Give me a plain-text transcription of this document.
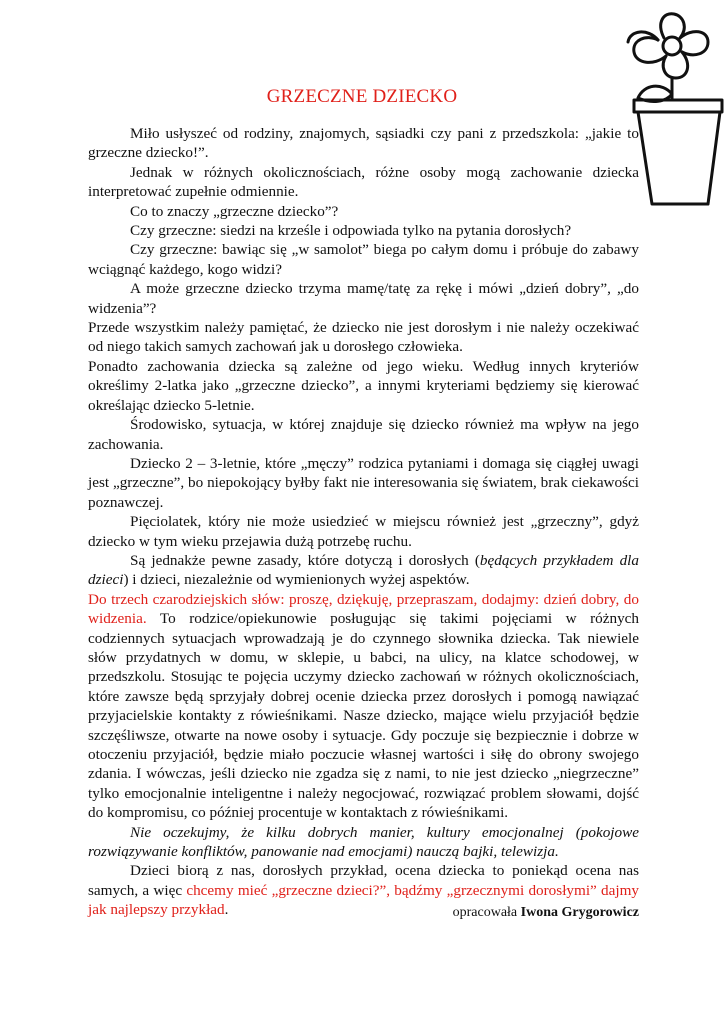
GRZECZNE DZIECKO

Miło usłyszeć od rodziny, znajomych, sąsiadki czy pani z przedszkola: „jakie to grzeczne dziecko!”.

Jednak w różnych okolicznościach, różne osoby mogą zachowanie dziecka interpretować zupełnie odmiennie.

Co to znaczy „grzeczne dziecko”?

Czy grzeczne: siedzi na krześle i odpowiada tylko na pytania dorosłych?

Czy grzeczne: bawiąc się „w samolot” biega po całym domu i próbuje do zabawy wciągnąć każdego, kogo widzi?

A może grzeczne dziecko trzyma mamę/tatę za rękę i mówi „dzień dobry”, „do widzenia”?

Przede wszystkim należy pamiętać, że dziecko nie jest dorosłym i nie należy oczekiwać od niego takich samych zachowań jak u dorosłego człowieka.

Ponadto zachowania dziecka są zależne od jego wieku. Według innych kryteriów określimy 2-latka jako „grzeczne dziecko”, a innymi kryteriami będziemy się kierować określając dziecko 5-letnie.

Środowisko, sytuacja, w której znajduje się dziecko również ma wpływ na jego zachowania.

Dziecko 2 – 3-letnie, które „męczy” rodzica pytaniami i domaga się ciągłej uwagi jest „grzeczne”, bo niepokojący byłby fakt nie interesowania się światem, brak ciekawości poznawczej.

Pięciolatek, który nie może usiedzieć w miejscu również jest „grzeczny”, gdyż dziecko w tym wieku przejawia dużą potrzebę ruchu.

Są jednakże pewne zasady, które dotyczą i dorosłych (będących przykładem dla dzieci) i dzieci, niezależnie od wymienionych wyżej aspektów.

Do trzech czarodziejskich słów: proszę, dziękuję, przepraszam, dodajmy: dzień dobry, do widzenia. To rodzice/opiekunowie posługując się takimi pojęciami w różnych codziennych sytuacjach wprowadzają je do czynnego słownika dziecka. Tak niewiele słów przydatnych w domu, w sklepie, u babci, na ulicy, na klatce schodowej, w przedszkolu. Stosując te pojęcia uczymy dziecko zachowań w różnych okolicznościach, które zawsze będą sprzyjały dobrej ocenie dziecka przez dorosłych i pomogą nawiązać przyjacielskie kontakty z rówieśnikami. Nasze dziecko, mające wielu przyjaciół będzie szczęśliwsze, otwarte na nowe osoby i sytuacje. Gdy poczuje się bezpiecznie i dobrze w otoczeniu przyjaciół, będzie miało poczucie własnej wartości i siłę do obrony swojego zdania. I wówczas, jeśli dziecko nie zgadza się z nami, to nie jest dziecko „niegrzeczne” tylko emocjonalnie inteligentne i należy negocjować, rozwiązać problem słowami, dojść do kompromisu, co później procentuje w kontaktach z rówieśnikami.

Nie oczekujmy, że kilku dobrych manier, kultury emocjonalnej (pokojowe rozwiązywanie konfliktów, panowanie nad emocjami) nauczą bajki, telewizja.

Dzieci biorą z nas, dorosłych przykład, ocena dziecka to poniekąd ocena nas samych, a więc chcemy mieć „grzeczne dzieci?”, bądźmy „grzecznymi dorosłymi” dajmy jak najlepszy przykład.	opracowała Iwona Grygorowicz
